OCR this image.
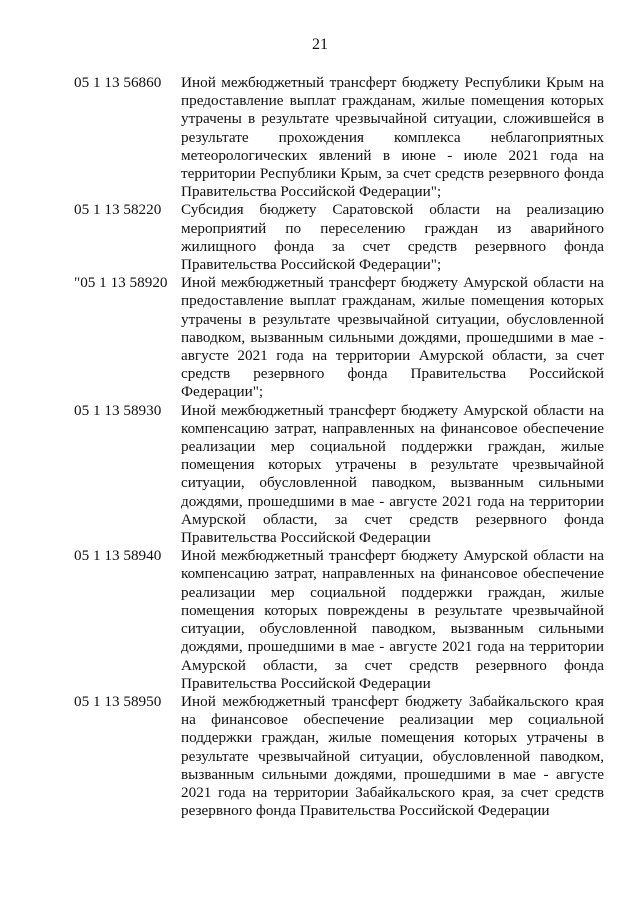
21
05 1 13 56860	Иной межбюджетный трансферт бюджету Республики Крым на предоставление выплат гражданам, жилые помещения которых утрачены в результате чрезвычайной ситуации, сложившейся в результате прохождения комплекса неблагоприятных метеорологических явлений в июне - июле 2021 года на территории Республики Крым, за счет средств резервного фонда Правительства Российской Федерации";
05 1 13 58220	Субсидия бюджету Саратовской области на реализацию мероприятий по переселению граждан из аварийного жилищного фонда за счет средств резервного фонда Правительства Российской Федерации";
"05 1 13 58920 Иной межбюджетный трансферт бюджету Амурской области на предоставление выплат гражданам, жилые помещения которых утрачены в результате чрезвычайной ситуации, обусловленной паводком, вызванным сильными дождями, прошедшими в мае - августе 2021 года на территории Амурской области, за счет средств резервного фонда Правительства Российской Федерации";
05 1 13 58930	Иной межбюджетный трансферт бюджету Амурской области на компенсацию затрат, направленных на финансовое обеспечение реализации мер социальной поддержки граждан, жилые помещения которых утрачены в результате чрезвычайной ситуации, обусловленной паводком, вызванным сильными дождями, прошедшими в мае - августе 2021 года на территории Амурской области, за счет средств резервного фонда Правительства Российской Федерации
05 1 13 58940	Иной межбюджетный трансферт бюджету Амурской области на компенсацию затрат, направленных на финансовое обеспечение реализации мер социальной поддержки граждан, жилые помещения которых повреждены в результате чрезвычайной ситуации, обусловленной паводком, вызванным сильными дождями, прошедшими в мае - августе 2021 года на территории Амурской области, за счет средств резервного фонда Правительства Российской Федерации
05 1 13 58950	Иной межбюджетный трансферт бюджету Забайкальского края на финансовое обеспечение реализации мер социальной поддержки граждан, жилые помещения которых утрачены в результате чрезвычайной ситуации, обусловленной паводком, вызванным сильными дождями, прошедшими в мае - августе 2021 года на территории Забайкальского края, за счет средств резервного фонда Правительства Российской Федерации
